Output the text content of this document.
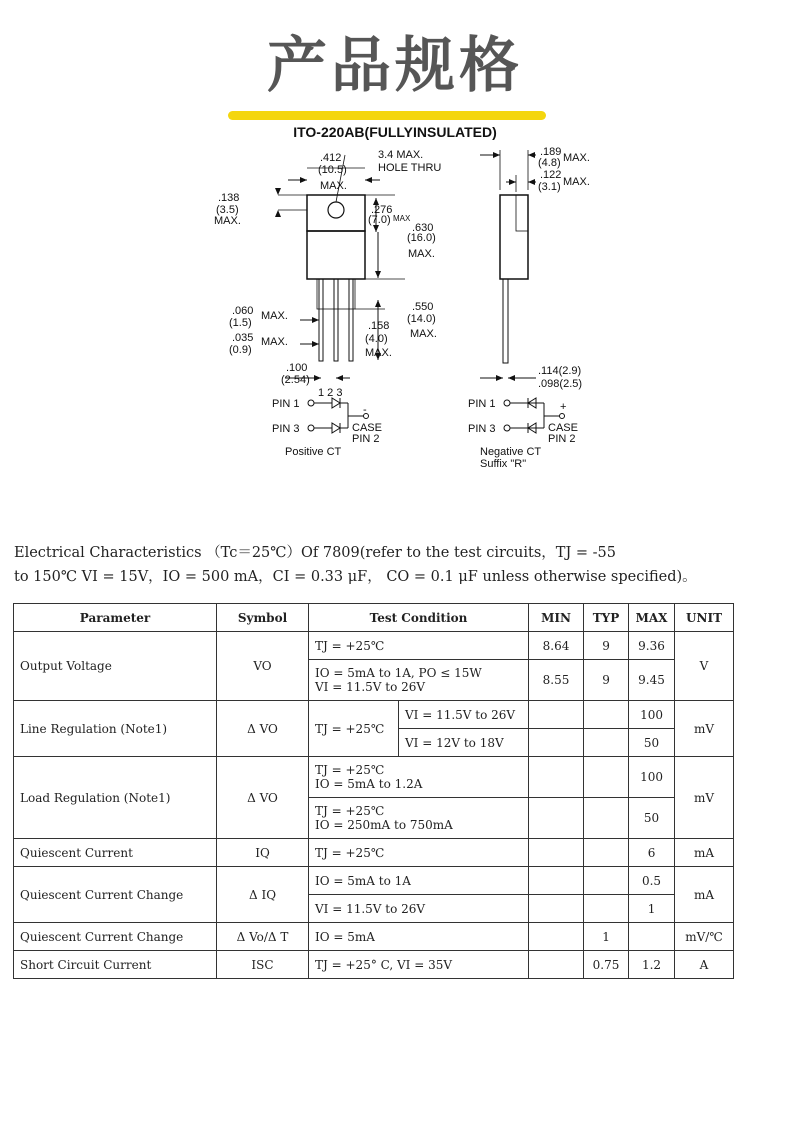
产品规格
ITO-220AB(FULLYINSULATED)
.412
(10.5)
MAX.
3.4 MAX.
HOLE THRU
.138
(3.5)
MAX.
.276
(7.0) MAX
.630
(16.0)
MAX.
.060
(1.5)
MAX.
.035
(0.9)
MAX.
.158
(4.0)
MAX.
.550
(14.0)
MAX.
.100
(2.54)
1 2 3
.189
(4.8) MAX.
.122
(3.1) MAX.
.114(2.9)
.098(2.5)
PIN 1
PIN 3
-
CASE
PIN 2
Positive CT
PIN 1
PIN 3
+
CASE
PIN 2
Negative CT
Suffix "R"
Electrical Characteristics （Tc＝25℃）Of 7809(refer to the test circuits，TJ = -55
to 150℃ VI = 15V，IO = 500 mA，CI = 0.33 μF， CO = 0.1 μF unless otherwise specified)。
Parameter	Symbol	Test Condition		MIN	TYP	MAX	UNIT
Output Voltage	VO	TJ = +25℃		8.64	9	9.36	V

		IO = 5mA to 1A, PO ≤ 15W
VI = 11.5V to 26V		8.55	9	9.45	
Line Regulation (Note1)	Δ VO	TJ = +25℃	VI = 11.5V to 26V			100	mV
			VI = 12V to 18V			50	
Load Regulation (Note1)	Δ VO	TJ = +25℃
IO = 5mA to 1.2A				100	mV

		TJ = +25℃
IO = 250mA to 750mA				50	
Quiescent Current	IQ	TJ = +25℃				6	mA
Quiescent Current Change	Δ IQ	IO = 5mA to 1A				0.5	mA
		VI = 11.5V to 26V				1	
Quiescent Current Change	Δ Vo/Δ T	IO = 5mA			1		mV/℃
Short Circuit Current	ISC	TJ = +25° C, VI = 35V			0.75	1.2	A
